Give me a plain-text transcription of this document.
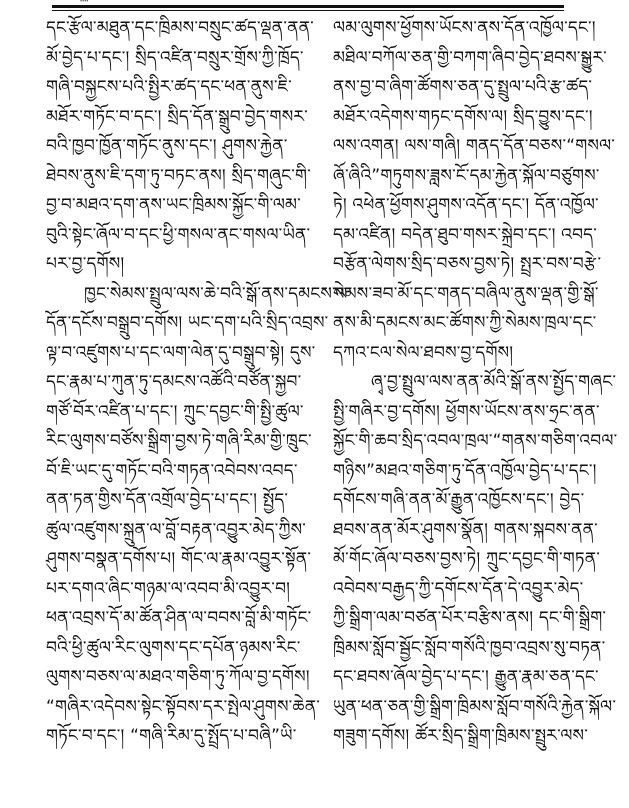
་་་་
དང་རྩོལ་མཐུན་དང་ཁྲིམས་བསྲུང་ཚད་ལྡན་ནན་
མོ་བྱེད་པ་དང་། སྲིད་འཛིན་བསྲུར་གྲོས་ཀྱི་ཁྲོད་
གཞི་བསྐྱངས་པའི་སྤྱིར་ཚད་དང་ཕན་ནུས་ཇི་
མཐོར་གཏོང་བ་དང་། སྲིད་དོན་སྒྲུབ་བྱེད་གསར་
བའི་ཁྱབ་ཁྱོན་གཏོང་ནུས་དང་། ཤུགས་རྐྱེན་
ཐེབས་ནུས་ཇི་དག་ཏུ་བཏང་ནས། སྲིད་གཞུང་གི་
བྱ་བ་མཐའ་དག་ནས་ཡང་ཁྲིམས་སྐྱོང་གི་ལམ་
བུའི་སྟེང་ཞོལ་བ་དང་ཕྱི་གསལ་ནང་གསལ་ཡིན་
པར་བྱ་དགོས།
ཁྱང་སེམས་སྤྲུལ་ལས་ཆེ་བའི་སྒོ་ནས་དམངས་ལ་
དོན་དངོས་བསྒྲུབ་དགོས། ཡང་དག་པའི་སྲིད་འབྲས་
ལྟ་བ་འཛུགས་པ་དང་ལག་ལེན་དུ་བསྒྲུབ་སྟེ། དུས་
དང་རྣམ་པ་ཀུན་ཏུ་དམངས་འཚོའི་བཙོན་སྐྱབ་
གཙོ་བོར་འཛིན་པ་དང་། ཀྲུང་དབྱང་གི་སྤྱི་ཚུལ་
རིང་ལུགས་བཙོས་སྒྲིག་བྱས་ཏེ་གཞི་རིམ་གྱི་ཁྲུང་
བོ་ཇི་ཡང་དུ་གཏོང་བའི་གཏན་འབེབས་འབད་
ནན་ཏན་གྱིས་དོན་འགྲོལ་བྱེད་པ་དང་། སྤྱོད་
ཚུལ་འཛུགས་སྐྲུན་ལ་བློ་བརྟན་འབྱུར་མེད་ཀྱིས་
ཤུགས་བསྣན་དགོས་པ། གོང་ལ་རྣམ་འབྱུར་སྟོན་
པར་དགའ་ཞིང་གཉམ་ལ་འབབ་མི་འབྱུར་བ།
ཕན་འབྲས་དོ་མ་ཚོན་ཤིན་ལ་བབས་བློ་མི་གཏོང་
བའི་ཕྱི་ཚུལ་རིང་ལུགས་དང་དཔོན་ཉམས་རིང་
ལུགས་བཅས་ལ་མཐའ་གཅིག་ཏུ་ཀོལ་བྱ་དགོས།
“གཞིར་འདེབས་སྟེང་སྟོབས་དར་སྤེལ་ཤུགས་ཆེན་
གཏོང་བ་དང་། “གཞི་རིམ་དུ་སྤྲོད་པ་བཞི”ཡི་
ལམ་ལུགས་ཕྱོགས་ཡོངས་ནས་དོན་འཁྱོལ་དང་།
མཐིལ་བཀོལ་ཅན་གྱི་བཀག་ཞིབ་བྱེད་ཐབས་སྒྱུར་
ནས་བྱ་བ་ཞིག་ཚོགས་ཅན་དུ་སྤྲུལ་པའི་རྩ་ཚད་
མཐོར་འདེགས་གཏང་དགོས་ལ། སྲིད་བྱུས་དང་།
ལས་འགན། ལས་གཞི། གནད་དོན་བཅས་“གསལ་
ཞོ་ཞིའི”གཏུགས་ཟླས་ངོ་དམ་རྐྱེན་སྐོལ་བཙུགས་
ཏེ། འཕེན་ཕྱོགས་ཤུགས་འདོན་དང་། དོན་འཁྱོལ་
དམ་འཛིན། བདེན་ཐུབ་གསར་སྐྲེབ་དང་། འབད་
བརྩོན་ལེགས་སྲིད་བཅས་བྱས་ཏེ། སྤྲར་བས་བརྩེ་
སེམས་ཟབ་མོ་དང་གནད་བཞིལ་ནུས་ལྡན་གྱི་སྒོ་
ནས་མི་དམངས་མང་ཚོགས་ཀྱི་སེམས་ཁྲལ་དང་
དཀའ་ངལ་སེལ་ཐབས་བྱ་དགོས།
ཞྭ་བྱ་སྤྲུལ་ལས་ནན་མོའི་སྒོ་ནས་སྤྱོད་གཞང་
སྤྱི་གཞིར་བྱ་དགོས། ཕྱོགས་ཡོངས་ནས་ཧྲང་ནན་
སྐྱོང་གི་ཆབ་སྲིད་འབལ་ཁྲལ་“གནས་གཅིག་འབལ་
གཉིས”མཐའ་གཅིག་ཏུ་དོན་འཁྱོལ་བྱེད་པ་དང་།
དགོངས་གཞི་ནན་མོ་རྒྱུན་འཁྱོངས་དང་། བྱེད་
ཐབས་ནན་མོར་ཤུགས་སྣོན། གནས་སྐབས་ནན་
མོ་གོང་ཞོལ་བཅས་བྱས་ཏེ། ཀྲུང་དབྱང་གི་གཏན་
འབེབས་བརྒྱད་ཀྱི་དགོངས་དོན་དེ་འབྱུར་མེད་
ཀྱི་སྒྲིག་ལམ་བཙན་པོར་བརྩིས་ནས། དང་གི་སྒྲིག་
ཁྲིམས་སློབ་སྦྱོང་སློབ་གསོའི་ཁྱབ་འབྲས་སུ་བཏན་
དང་ཐབས་ཞོལ་བྱེད་པ་དང་། རྒྱུན་རྣམ་ཅན་དང་
ཡུན་ཕན་ཅན་གྱི་སྒྲིག་ཁྲིམས་སློབ་གསོའི་རྐྱེན་སྐོལ་
གཟུག་དགོས། ཚོར་སྲིད་སྒྲིག་ཁྲིམས་སྤྲུར་ལས་
